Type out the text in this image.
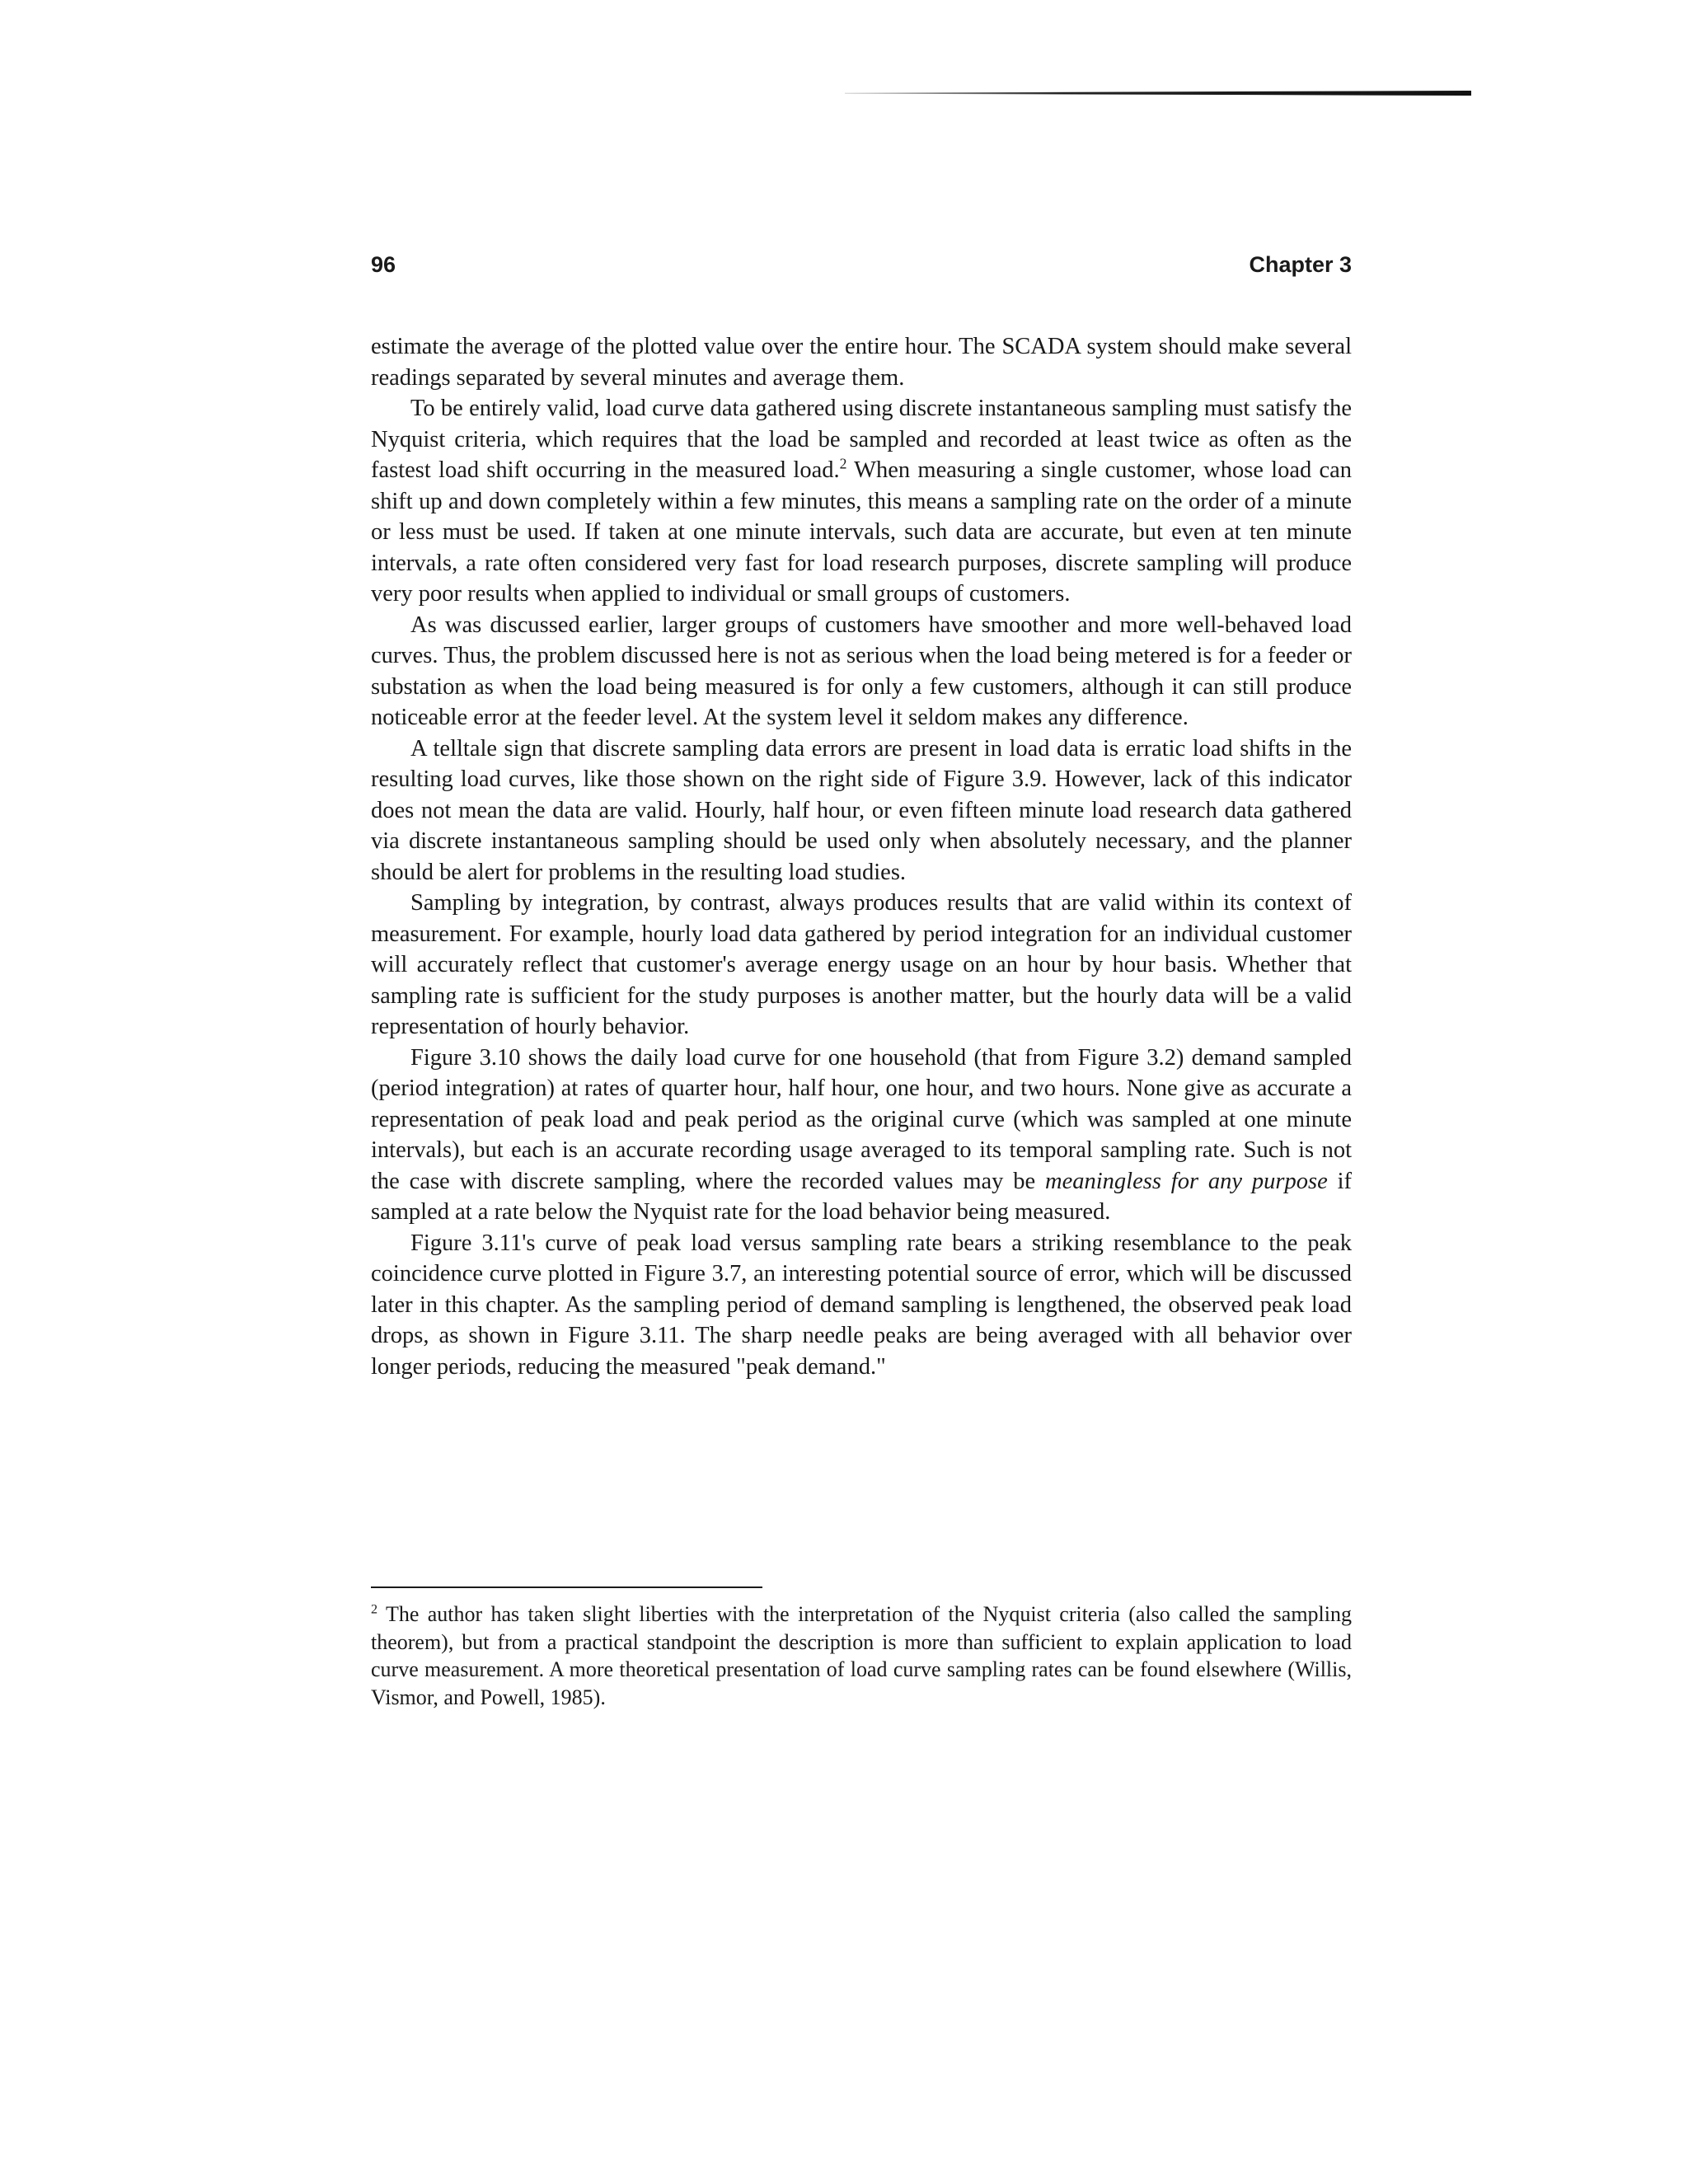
96	Chapter 3

estimate the average of the plotted value over the entire hour. The SCADA system should make several readings separated by several minutes and average them.

To be entirely valid, load curve data gathered using discrete instantaneous sampling must satisfy the Nyquist criteria, which requires that the load be sampled and recorded at least twice as often as the fastest load shift occurring in the measured load.$^2$ When measuring a single customer, whose load can shift up and down completely within a few minutes, this means a sampling rate on the order of a minute or less must be used. If taken at one minute intervals, such data are accurate, but even at ten minute intervals, a rate often considered very fast for load research purposes, discrete sampling will produce very poor results when applied to individual or small groups of customers.

As was discussed earlier, larger groups of customers have smoother and more well-behaved load curves. Thus, the problem discussed here is not as serious when the load being metered is for a feeder or substation as when the load being measured is for only a few customers, although it can still produce noticeable error at the feeder level. At the system level it seldom makes any difference.

A telltale sign that discrete sampling data errors are present in load data is erratic load shifts in the resulting load curves, like those shown on the right side of Figure 3.9. However, lack of this indicator does not mean the data are valid. Hourly, half hour, or even fifteen minute load research data gathered via discrete instantaneous sampling should be used only when absolutely necessary, and the planner should be alert for problems in the resulting load studies.

Sampling by integration, by contrast, always produces results that are valid within its context of measurement. For example, hourly load data gathered by period integration for an individual customer will accurately reflect that customer's average energy usage on an hour by hour basis. Whether that sampling rate is sufficient for the study purposes is another matter, but the hourly data will be a valid representation of hourly behavior.

Figure 3.10 shows the daily load curve for one household (that from Figure 3.2) demand sampled (period integration) at rates of quarter hour, half hour, one hour, and two hours. None give as accurate a representation of peak load and peak period as the original curve (which was sampled at one minute intervals), but each is an accurate recording usage averaged to its temporal sampling rate. Such is not the case with discrete sampling, where the recorded values may be meaningless for any purpose if sampled at a rate below the Nyquist rate for the load behavior being measured.

Figure 3.11's curve of peak load versus sampling rate bears a striking resemblance to the peak coincidence curve plotted in Figure 3.7, an interesting potential source of error, which will be discussed later in this chapter. As the sampling period of demand sampling is lengthened, the observed peak load drops, as shown in Figure 3.11. The sharp needle peaks are being averaged with all behavior over longer periods, reducing the measured "peak demand."

$^2$ The author has taken slight liberties with the interpretation of the Nyquist criteria (also called the sampling theorem), but from a practical standpoint the description is more than sufficient to explain application to load curve measurement. A more theoretical presentation of load curve sampling rates can be found elsewhere (Willis, Vismor, and Powell, 1985).
